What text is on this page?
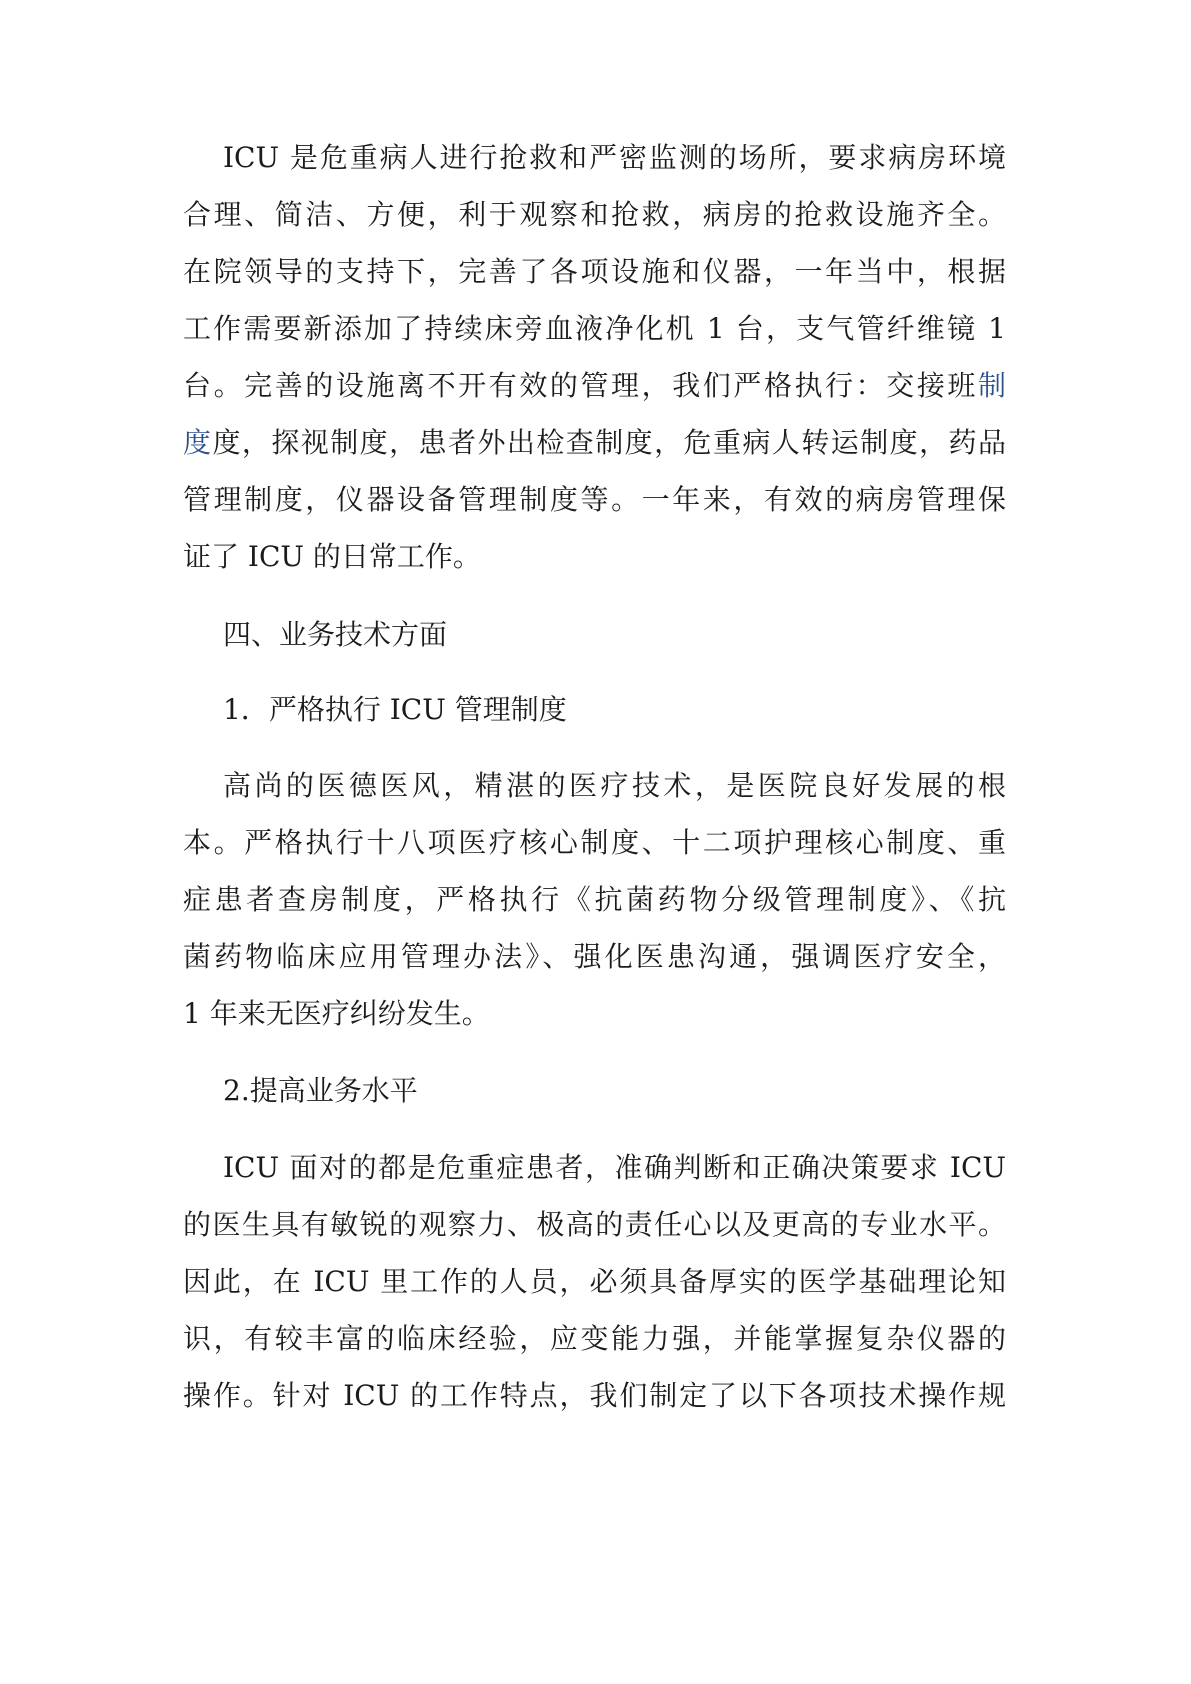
ICU 是危重病人进行抢救和严密监测的场所，要求病房环境

合理、简洁、方便，利于观察和抢救，病房的抢救设施齐全。

在院领导的支持下，完善了各项设施和仪器，一年当中，根据

工作需要新添加了持续床旁血液净化机 1 台，支气管纤维镜 1

台。完善的设施离不开有效的管理，我们严格执行：交接班制

度度，探视制度，患者外出检查制度，危重病人转运制度，药品

管理制度，仪器设备管理制度等。一年来，有效的病房管理保

证了 ICU 的日常工作。

四、业务技术方面

1．严格执行 ICU 管理制度

高尚的医德医风，精湛的医疗技术，是医院良好发展的根

本。严格执行十八项医疗核心制度、十二项护理核心制度、重

症患者查房制度，严格执行《抗菌药物分级管理制度》、《抗

菌药物临床应用管理办法》、强化医患沟通，强调医疗安全，

1 年来无医疗纠纷发生。

2.提高业务水平

ICU 面对的都是危重症患者，准确判断和正确决策要求 ICU

的医生具有敏锐的观察力、极高的责任心以及更高的专业水平。

因此，在 ICU 里工作的人员，必须具备厚实的医学基础理论知

识，有较丰富的临床经验，应变能力强，并能掌握复杂仪器的

操作。针对 ICU 的工作特点，我们制定了以下各项技术操作规
